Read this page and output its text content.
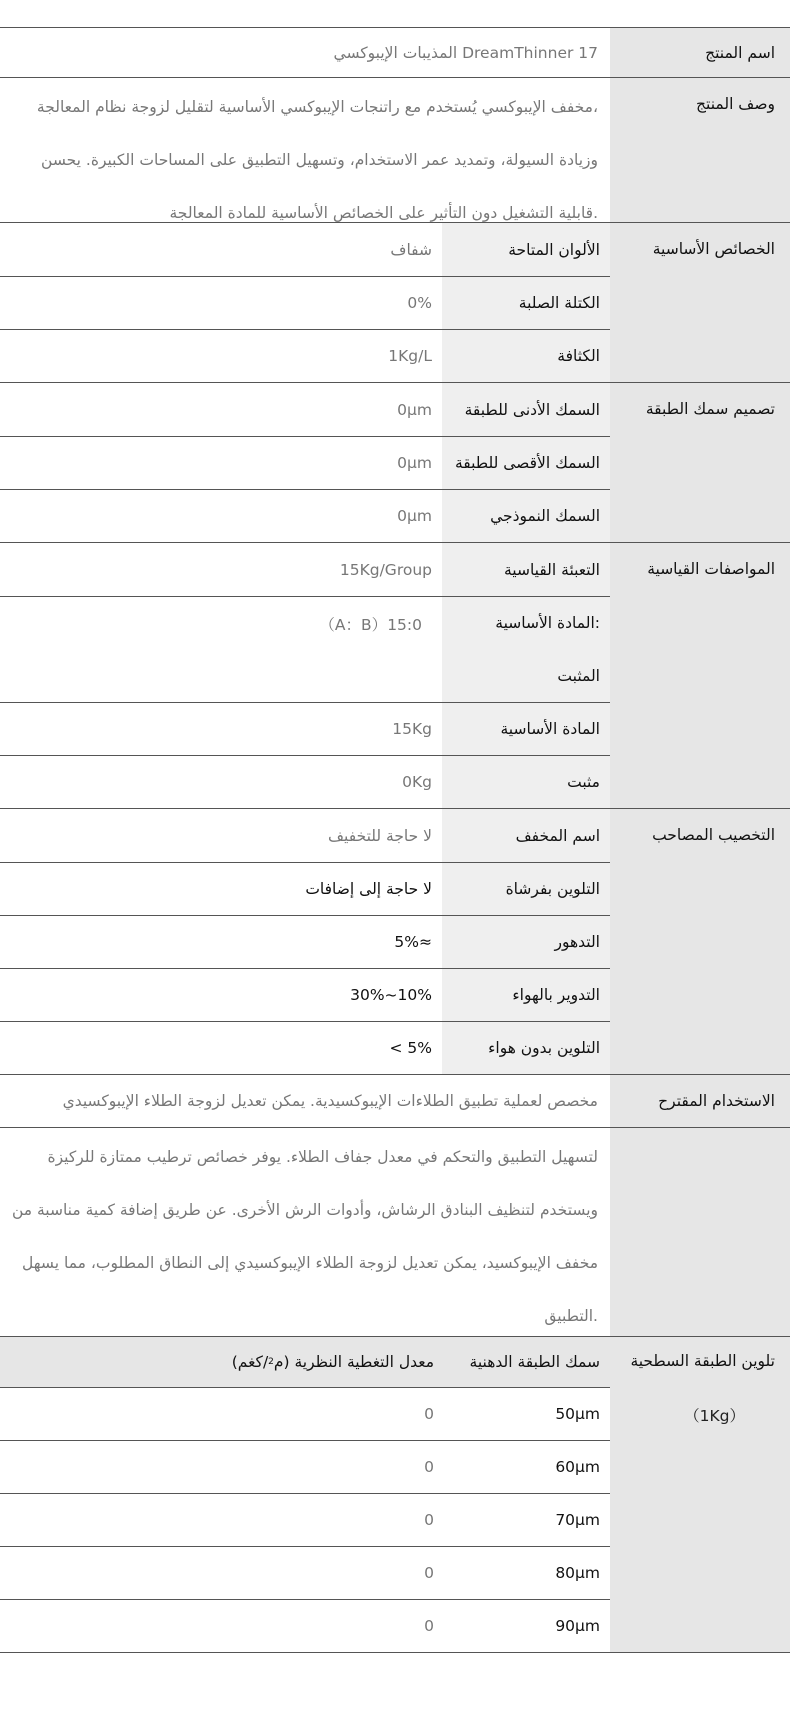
اسم المنتج
DreamThinner 17 المذيبات الإيبوكسي
وصف المنتج
،مخفف الإيبوكسي يُستخدم مع راتنجات الإيبوكسي الأساسية لتقليل لزوجة نظام المعالجة وزيادة السيولة، وتمديد عمر الاستخدام، وتسهيل التطبيق على المساحات الكبيرة. يحسن .قابلية التشغيل دون التأثير على الخصائص الأساسية للمادة المعالجة
الخصائص الأساسية
الألوان المتاحة
شفاف
الكتلة الصلبة
0%
الكثافة
1Kg/L
تصميم سمك الطبقة
السمك الأدنى للطبقة
0μm
السمك الأقصى للطبقة
0μm
السمك النموذجي
0μm
المواصفات القياسية
التعبئة القياسية
15Kg/Group
:المادة الأساسية
المثبت
15:0（A：B）
المادة الأساسية
15Kg
مثبت
0Kg
التخصيب المصاحب
اسم المخفف
لا حاجة للتخفيف
التلوين بفرشاة
لا حاجة إلى إضافات
التدهور
≈5%
التدوير بالهواء
10%~30%
التلوين بدون هواء
< 5%
الاستخدام المقترح
مخصص لعملية تطبيق الطلاءات الإيبوكسيدية. يمكن تعديل لزوجة الطلاء الإيبوكسيدي
لتسهيل التطبيق والتحكم في معدل جفاف الطلاء. يوفر خصائص ترطيب ممتازة للركيزة ويستخدم لتنظيف البنادق الرشاش، وأدوات الرش الأخرى. عن طريق إضافة كمية مناسبة من مخفف الإيبوكسيد، يمكن تعديل لزوجة الطلاء الإيبوكسيدي إلى النطاق المطلوب، مما يسهل .التطبيق
تلوين الطبقة السطحية
（1Kg）
سمك الطبقة الدهنية
معدل التغطية النظرية (م
2
/كغم)
50μm
0
60μm
0
70μm
0
80μm
0
90μm
0
